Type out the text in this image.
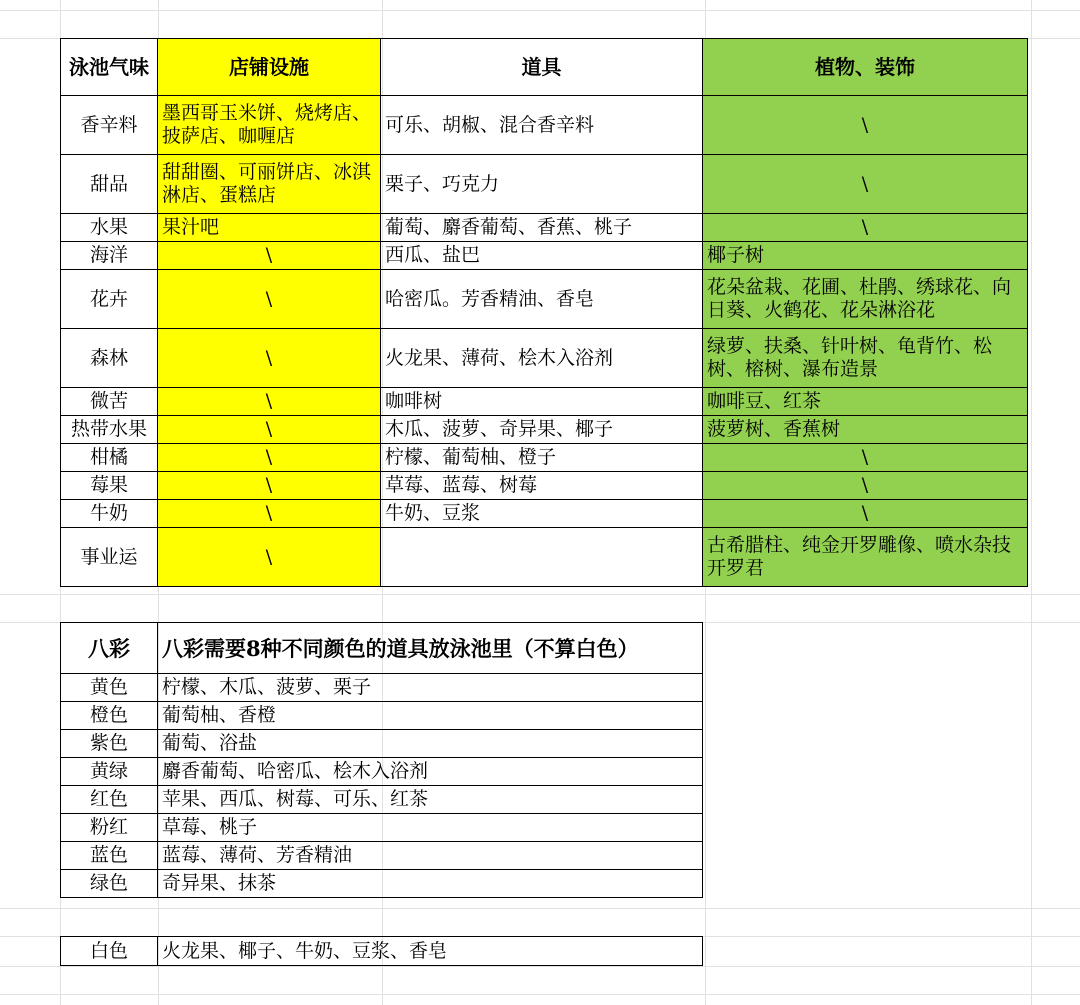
泳池气味	店铺设施	道具	植物、装饰
香辛料	墨西哥玉米饼、烧烤店、披萨店、咖喱店	可乐、胡椒、混合香辛料	\
甜品	甜甜圈、可丽饼店、冰淇淋店、蛋糕店	栗子、巧克力	\
水果	果汁吧	葡萄、麝香葡萄、香蕉、桃子	\
海洋	\	西瓜、盐巴	椰子树
花卉	\	哈密瓜。芳香精油、香皂	花朵盆栽、花圃、杜鹃、绣球花、向日葵、火鹤花、花朵淋浴花
森林	\	火龙果、薄荷、桧木入浴剂	绿萝、扶桑、针叶树、龟背竹、松树、榕树、瀑布造景
微苦	\	咖啡树	咖啡豆、红茶
热带水果	\	木瓜、菠萝、奇异果、椰子	菠萝树、香蕉树
柑橘	\	柠檬、葡萄柚、橙子	\
莓果	\	草莓、蓝莓、树莓	\
牛奶	\	牛奶、豆浆	\
事业运	\		古希腊柱、纯金开罗雕像、喷水杂技开罗君
八彩	八彩需要8种不同颜色的道具放泳池里（不算白色）
黄色	柠檬、木瓜、菠萝、栗子
橙色	葡萄柚、香橙
紫色	葡萄、浴盐
黄绿	麝香葡萄、哈密瓜、桧木入浴剂
红色	苹果、西瓜、树莓、可乐、红茶
粉红	草莓、桃子
蓝色	蓝莓、薄荷、芳香精油
绿色	奇异果、抹茶
白色	火龙果、椰子、牛奶、豆浆、香皂
